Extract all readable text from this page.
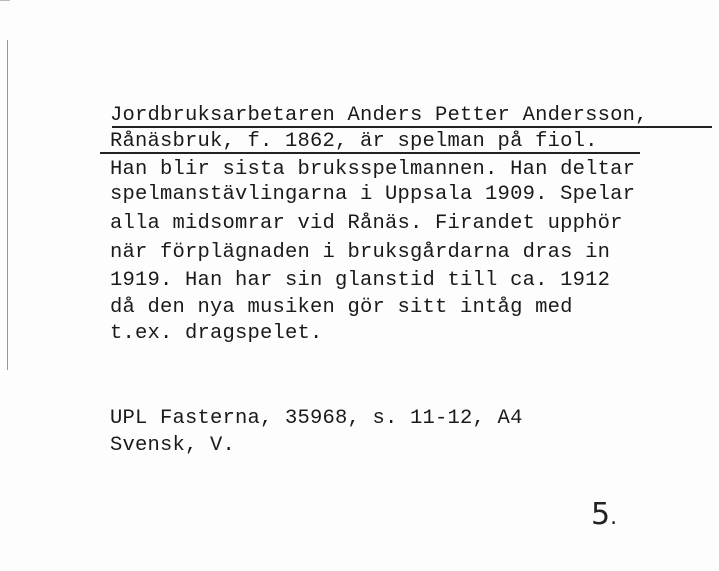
Jordbruksarbetaren Anders Petter Andersson,
Rånäsbruk, f. 1862, är spelman på fiol.
Han blir sista bruksspelmannen. Han deltar
spelmanstävlingarna i Uppsala 1909. Spelar
alla midsomrar vid Rånäs. Firandet upphör
när förplägnaden i bruksgårdarna dras in
1919. Han har sin glanstid till ca. 1912
då den nya musiken gör sitt intåg med
t.ex. dragspelet.
UPL Fasterna, 35968, s. 11-12, A4
Svensk, V.
5.
